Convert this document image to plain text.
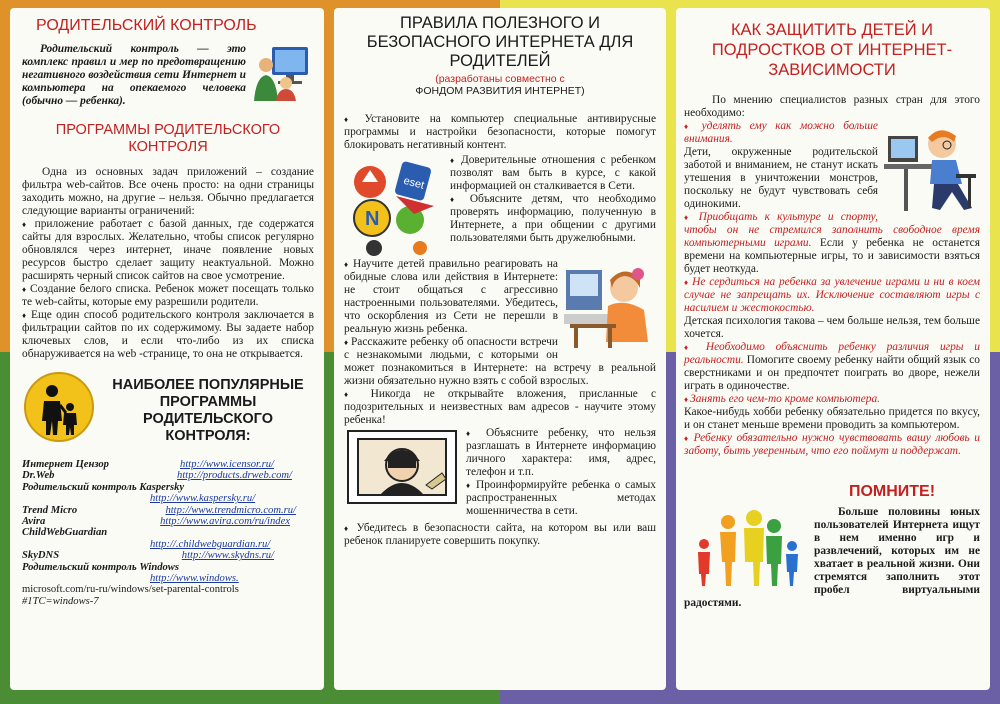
РОДИТЕЛЬСКИЙ КОНТРОЛЬ

Родительский контроль — это комплекс правил и мер по предотвращению негативного воздействия сети Интернет и компьютера на опекаемого человека (обычно — ребенка).

ПРОГРАММЫ РОДИТЕЛЬСКОГО КОНТРОЛЯ

Одна из основных задач приложений – создание фильтра web-сайтов. Все очень просто: на одни страницы заходить можно, на другие – нельзя. Обычно предлагается следующие варианты ограничений:

♦ приложение работает с базой данных, где содержатся сайты для взрослых. Желательно, чтобы список регулярно обновлялся через интернет, иначе появление новых ресурсов быстро сделает защиту неактуальной. Можно расширять черный список сайтов на свое усмотрение.

♦ Создание белого списка. Ребенок может посещать только те web-сайты, которые ему разрешили родители.

♦ Еще один способ родительского контроля заключается в фильтрации сайтов по их содержимому. Вы задаете набор ключевых слов, и если что-либо из их списка обнаруживается на web -странице, то она не открывается.

НАИБОЛЕЕ ПОПУЛЯРНЫЕ ПРОГРАММЫ РОДИТЕЛЬСКОГО КОНТРОЛЯ:
Интернет Цензор	http://www.icensor.ru/
Dr.Web	http://products.drweb.com/
Родительский контроль Kaspersky
http://www.kaspersky.ru/
Trend Micro	http://www.trendmicro.com.ru/
Avira	http://www.avira.com/ru/index
ChildWebGuardian
http://.childwebguardian.ru/
SkyDNS	http://www.skydns.ru/
Родительский контроль Windows
http://www.windows.
microsoft.com/ru-ru/windows/set-parental-controls
#1TC=windows-7
ПРАВИЛА ПОЛЕЗНОГО И БЕЗОПАСНОГО ИНТЕРНЕТА ДЛЯ РОДИТЕЛЕЙ

(разработаны совместно с

ФОНДОМ РАЗВИТИЯ ИНТЕРНЕТ)

♦ Установите на компьютер специальные антивирусные программы и настройки безопасности, которые помогут блокировать негативный контент.

eset
N

♦ Доверительные отношения с ребенком позволят вам быть в курсе, с какой информацией он сталкивается в Сети.

♦ Объясните детям, что необходимо проверять информацию, полученную в Интернете, а при общении с другими пользователями быть дружелюбными.

♦ Научите детей правильно реагировать на обидные слова или действия в Интернете: не стоит общаться с агрессивно настроенными пользователями. Убедитесь, что оскорбления из Сети не перешли в реальную жизнь ребенка.

♦ Расскажите ребенку об опасности встречи с незнакомыми людьми, с которыми он может познакомиться в Интернете: на встречу в реальной жизни обязательно нужно взять с собой взрослых.

♦ Никогда не открывайте вложения, присланные с подозрительных и неизвестных вам адресов - научите этому ребенка!

♦ Объясните ребенку, что нельзя разглашать в Интернете информацию личного характера: имя, адрес, телефон и т.п.

♦ Проинформируйте ребенка о самых распространенных методах мошенничества в сети.

♦ Убедитесь в безопасности сайта, на котором вы или ваш ребенок планируете совершить покупку.

КАК ЗАЩИТИТЬ ДЕТЕЙ И ПОДРОСТКОВ ОТ ИНТЕРНЕТ-ЗАВИСИМОСТИ

По мнению специалистов разных стран для этого необходимо:

♦ уделять ему как можно больше внимания.

Дети, окруженные родительской заботой и вниманием, не станут искать утешения в уничтожении монстров, поскольку не будут чувствовать себя одинокими.

♦ Приобщать к культуре и спорту, чтобы он не стремился заполнить свободное время компьютерными играми. Если у ребенка не останется времени на компьютерные игры, то и зависимости взяться будет неоткуда.

♦ Не сердиться на ребенка за увлечение играми и ни в коем случае не запрещать их. Исключение составляют игры с насилием и жестокостью.

Детская психология такова – чем больше нельзя, тем больше хочется.

♦ Необходимо объяснить ребенку различия игры и реальности. Помогите своему ребенку найти общий язык со сверстниками и он предпочтет поиграть во дворе, нежели играть в одиночестве.

♦ Занять его чем-то кроме компьютера.

Какое-нибудь хобби ребенку обязательно придется по вкусу, и он станет меньше времени проводить за компьютером.

♦ Ребенку обязательно нужно чувствовать вашу любовь и заботу, быть уверенным, что его поймут и поддержат.

ПОМНИТЕ!

Больше половины юных пользователей Интернета ищут в нем именно игр и развлечений, которых им не хватает в реальной жизни. Они стремятся заполнить этот пробел виртуальными радостями.
